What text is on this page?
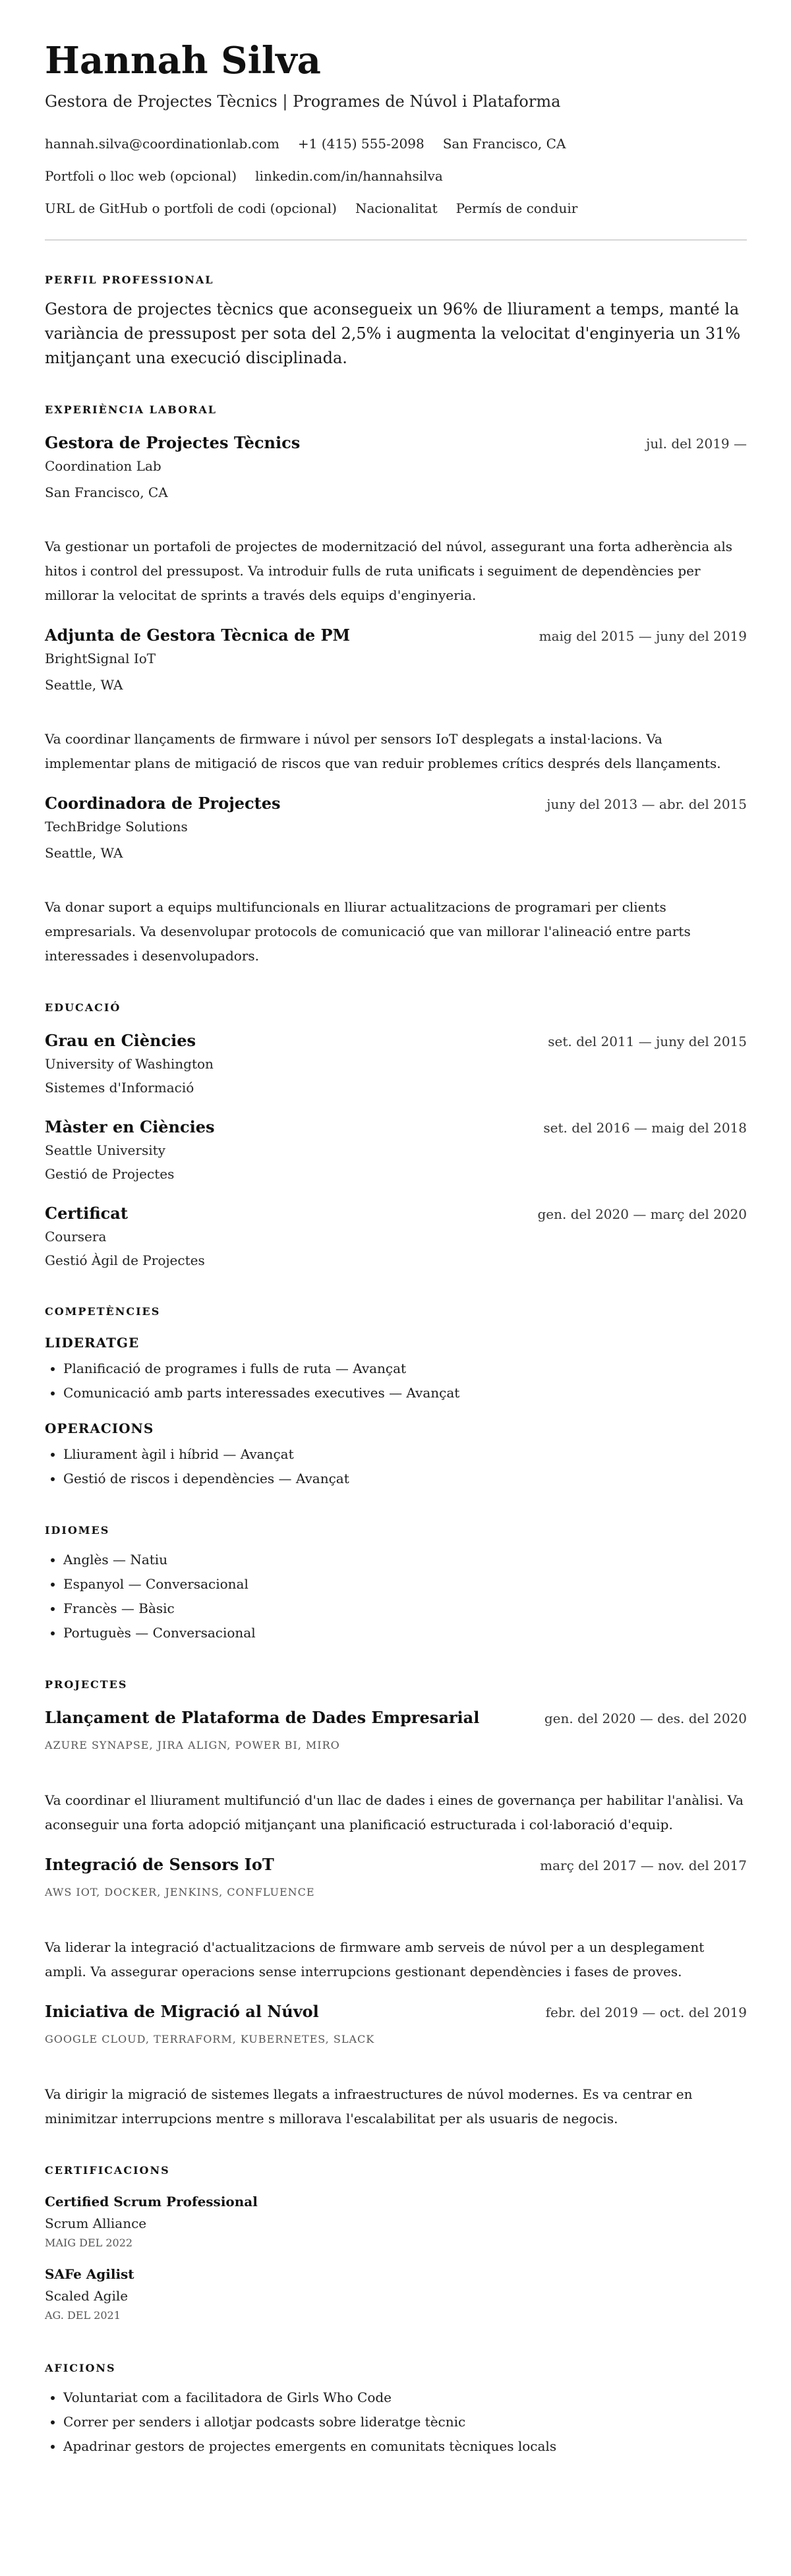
Hannah Silva
Gestora de Projectes Tècnics | Programes de Núvol i Plataforma
hannah.silva@coordinationlab.com +1 (415) 555-2098 San Francisco, CA
Portfoli o lloc web (opcional) linkedin.com/in/hannahsilva
URL de GitHub o portfoli de codi (opcional) Nacionalitat Permís de conduir
PERFIL PROFESSIONAL
Gestora de projectes tècnics que aconsegueix un 96% de lliurament a temps, manté la variància de pressupost per sota del 2,5% i augmenta la velocitat d'enginyeria un 31% mitjançant una execució disciplinada.
EXPERIÈNCIA LABORAL
Gestora de Projectes Tècnics	jul. del 2019 —
Coordination Lab
San Francisco, CA
Va gestionar un portafoli de projectes de modernització del núvol, assegurant una forta adherència als hitos i control del pressupost. Va introduir fulls de ruta unificats i seguiment de dependències per millorar la velocitat de sprints a través dels equips d'enginyeria.
Adjunta de Gestora Tècnica de PM	maig del 2015 — juny del 2019
BrightSignal IoT
Seattle, WA
Va coordinar llançaments de firmware i núvol per sensors IoT desplegats a instal·lacions. Va implementar plans de mitigació de riscos que van reduir problemes crítics després dels llançaments.
Coordinadora de Projectes	juny del 2013 — abr. del 2015
TechBridge Solutions
Seattle, WA
Va donar suport a equips multifuncionals en lliurar actualitzacions de programari per clients empresarials. Va desenvolupar protocols de comunicació que van millorar l'alineació entre parts interessades i desenvolupadors.
EDUCACIÓ
Grau en Ciències	set. del 2011 — juny del 2015
University of Washington
Sistemes d'Informació
Màster en Ciències	set. del 2016 — maig del 2018
Seattle University
Gestió de Projectes
Certificat	gen. del 2020 — març del 2020
Coursera
Gestió Àgil de Projectes
COMPETÈNCIES
LIDERATGE
• Planificació de programes i fulls de ruta — Avançat
• Comunicació amb parts interessades executives — Avançat
OPERACIONS
• Lliurament àgil i híbrid — Avançat
• Gestió de riscos i dependències — Avançat
IDIOMES
• Anglès — Natiu
• Espanyol — Conversacional
• Francès — Bàsic
• Portuguès — Conversacional
PROJECTES
Llançament de Plataforma de Dades Empresarial	gen. del 2020 — des. del 2020
AZURE SYNAPSE, JIRA ALIGN, POWER BI, MIRO
Va coordinar el lliurament multifunció d'un llac de dades i eines de governança per habilitar l'anàlisi. Va aconseguir una forta adopció mitjançant una planificació estructurada i col·laboració d'equip.
Integració de Sensors IoT	març del 2017 — nov. del 2017
AWS IOT, DOCKER, JENKINS, CONFLUENCE
Va liderar la integració d'actualitzacions de firmware amb serveis de núvol per a un desplegament ampli. Va assegurar operacions sense interrupcions gestionant dependències i fases de proves.
Iniciativa de Migració al Núvol	febr. del 2019 — oct. del 2019
GOOGLE CLOUD, TERRAFORM, KUBERNETES, SLACK
Va dirigir la migració de sistemes llegats a infraestructures de núvol modernes. Es va centrar en minimitzar interrupcions mentre s millorava l'escalabilitat per als usuaris de negocis.
CERTIFICACIONS
Certified Scrum Professional
Scrum Alliance
MAIG DEL 2022
SAFe Agilist
Scaled Agile
AG. DEL 2021
AFICIONS
• Voluntariat com a facilitadora de Girls Who Code
• Correr per senders i allotjar podcasts sobre lideratge tècnic
• Apadrinar gestors de projectes emergents en comunitats tècniques locals
